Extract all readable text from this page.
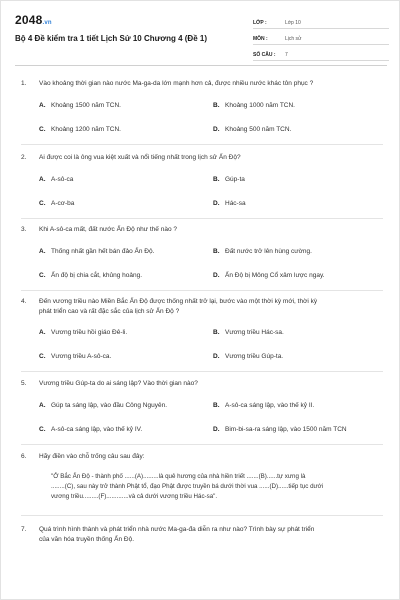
2048.vn
Bộ 4 Đề kiểm tra 1 tiết Lịch Sử 10 Chương 4 (Đề 1)
LỚP :	Lớp 10
MÔN :	Lịch sử
SỐ CÂU :	7
1.	Vào khoảng thời gian nào nước Ma-ga-da lớn mạnh hơn cả, được nhiều nước khác tôn phục ?
A. Khoảng 1500 năm TCN.	B. Khoảng 1000 năm TCN.
C. Khoảng 1200 năm TCN.	D. Khoảng 500 năm TCN.
2.	Ai được coi là ông vua kiệt xuất và nổi tiếng nhất trong lịch sử Ấn Độ?
A. A-sô-ca	B. Gúp-ta
C. A-cơ-ba	D. Hác-sa
3.	Khi A-sô-ca mất, đất nước Ấn Độ như thế nào ?
A. Thống nhất gần hết bán đảo Ấn Độ.	B. Đất nước trở lên hùng cường.
C. Ấn độ bị chia cắt, khủng hoảng.	D. Ấn Độ bị Mông Cổ xâm lược ngay.
4.	Đến vương triều nào Miền Bắc Ấn Độ được thống nhất trở lại, bước vào một thời kỳ mới, thời kỳ
phát triển cao và rất đặc sắc của lịch sử Ấn Độ ?
A. Vương triều hồi giáo Đê-li.	B. Vương triều Hác-sa.
C. Vương triều A-sô-ca.	D. Vương triều Gúp-ta.
5.	Vương triều Gúp-ta do ai sáng lập? Vào thời gian nào?
A. Gúp ta sáng lập, vào đầu Công Nguyên.	B. A-sô-ca sáng lập, vào thế kỷ II.
C. A-sô-ca sáng lập, vào thế kỷ IV.	D. Bim-bi-sa-ra sáng lập, vào 1500 năm TCN
6.	Hãy điền vào chỗ trống câu sau đây:
"Ở Bắc Ấn Độ - thành phố ......(A).........là quê hương của nhà hiền triết .......(B)......tự xưng là
........(C), sau này trở thành Phật tổ, đạo Phật được truyền bá dưới thời vua ......(D)......tiếp tục dưới
vương triều.........(F).............và cả dưới vương triều Hác-sa".
7.	Quá trình hình thành và phát triển nhà nước Ma-ga-đa diễn ra như nào? Trình bày sự phát triển
của văn hóa truyền thống Ấn Độ.
